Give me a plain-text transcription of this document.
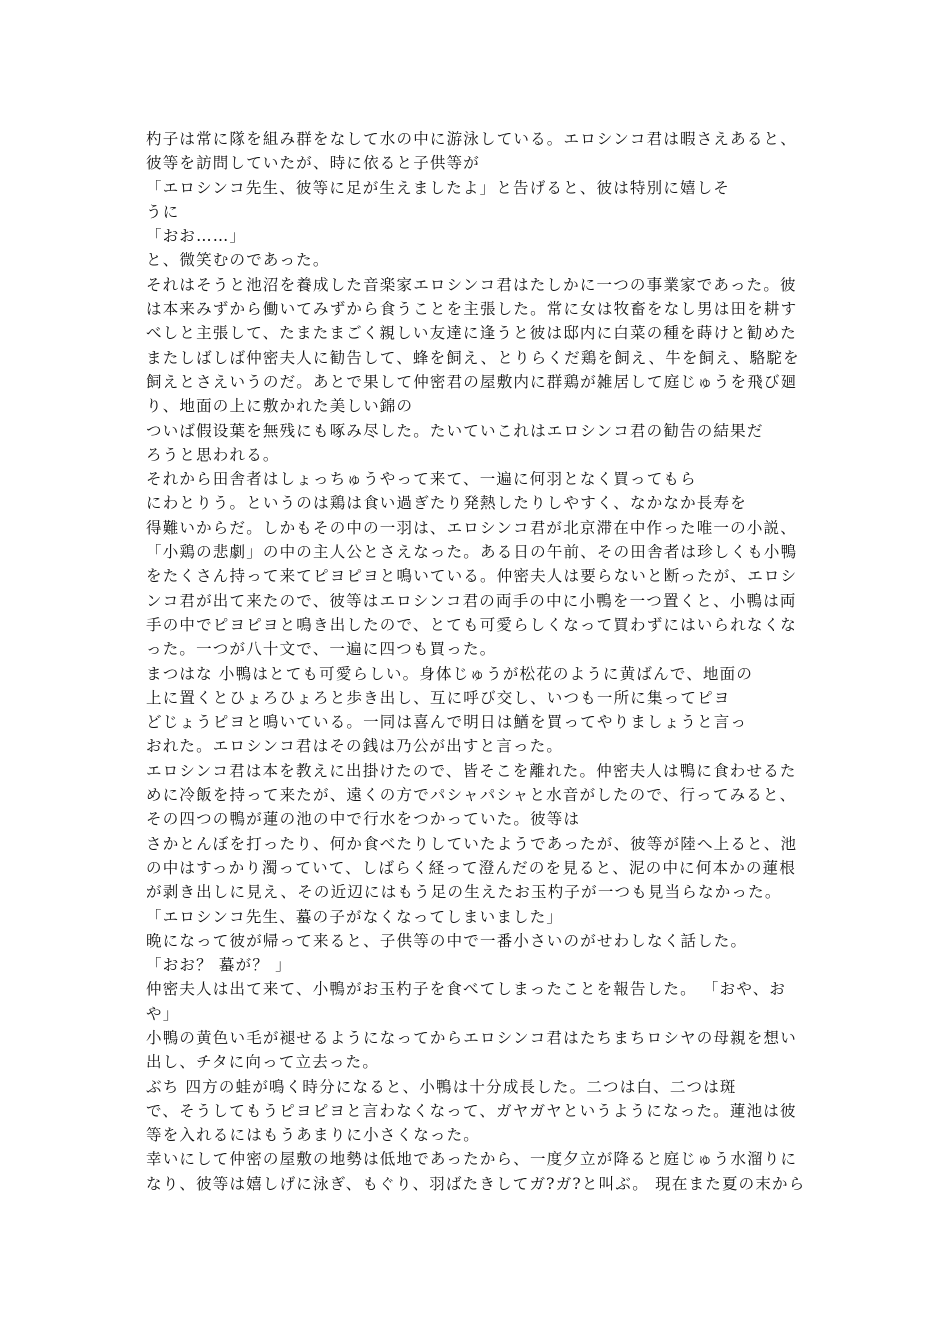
杓子は常に隊を組み群をなして水の中に游泳している。エロシンコ君は暇さえあると、
彼等を訪問していたが、時に依ると子供等が
「エロシンコ先生、彼等に足が生えましたよ」と告げると、彼は特別に嬉しそ
うに
「おお……」
と、微笑むのであった。
それはそうと池沼を養成した音楽家エロシンコ君はたしかに一つの事業家であった。彼
は本来みずから働いてみずから食うことを主張した。常に女は牧畜をなし男は田を耕す
べしと主張して、たまたまごく親しい友達に逢うと彼は邸内に白菜の種を蒔けと勧めた
またしばしば仲密夫人に勧告して、蜂を飼え、とりらくだ鶏を飼え、牛を飼え、駱駝を
飼えとさえいうのだ。あとで果して仲密君の屋敷内に群鶏が雑居して庭じゅうを飛び廻
り、地面の上に敷かれた美しい錦の
ついば假设葉を無残にも啄み尽した。たいていこれはエロシンコ君の勧告の結果だ
ろうと思われる。
それから田舎者はしょっちゅうやって来て、一遍に何羽となく買ってもら
にわとりう。というのは鶏は食い過ぎたり発熱したりしやすく、なかなか長寿を
得難いからだ。しかもその中の一羽は、エロシンコ君が北京滞在中作った唯一の小説、
「小鶏の悲劇」の中の主人公とさえなった。ある日の午前、その田舎者は珍しくも小鴨
をたくさん持って来てピヨピヨと鳴いている。仲密夫人は要らないと断ったが、エロシ
ンコ君が出て来たので、彼等はエロシンコ君の両手の中に小鴨を一つ置くと、小鴨は両
手の中でピヨピヨと鳴き出したので、とても可愛らしくなって買わずにはいられなくな
った。一つが八十文で、一遍に四つも買った。
まつはな 小鴨はとても可愛らしい。身体じゅうが松花のように黄ばんで、地面の
上に置くとひょろひょろと歩き出し、互に呼び交し、いつも一所に集ってピヨ
どじょうピヨと鳴いている。一同は喜んで明日は鰌を買ってやりましょうと言っ
おれた。エロシンコ君はその銭は乃公が出すと言った。
エロシンコ君は本を教えに出掛けたので、皆そこを離れた。仲密夫人は鴨に食わせるた
めに冷飯を持って来たが、遠くの方でパシャパシャと水音がしたので、行ってみると、
その四つの鴨が蓮の池の中で行水をつかっていた。彼等は
さかとんぼを打ったり、何か食べたりしていたようであったが、彼等が陸へ上ると、池
の中はすっかり濁っていて、しばらく経って澄んだのを見ると、泥の中に何本かの蓮根
が剥き出しに見え、その近辺にはもう足の生えたお玉杓子が一つも見当らなかった。
「エロシンコ先生、蟇の子がなくなってしまいました」
晩になって彼が帰って来ると、子供等の中で一番小さいのがせわしなく話した。
「おお？ 蟇が？ 」
仲密夫人は出て来て、小鴨がお玉杓子を食べてしまったことを報告した。 「おや、お
や」
小鴨の黄色い毛が褪せるようになってからエロシンコ君はたちまちロシヤの母親を想い
出し、チタに向って立去った。
ぶち 四方の蛙が鳴く時分になると、小鴨は十分成長した。二つは白、二つは斑
で、そうしてもうピヨピヨと言わなくなって、ガヤガヤというようになった。蓮池は彼
等を入れるにはもうあまりに小さくなった。
幸いにして仲密の屋敷の地勢は低地であったから、一度夕立が降ると庭じゅう水溜りに
なり、彼等は嬉しげに泳ぎ、もぐり、羽ばたきしてガ?ガ?と叫ぶ。 現在また夏の末から
